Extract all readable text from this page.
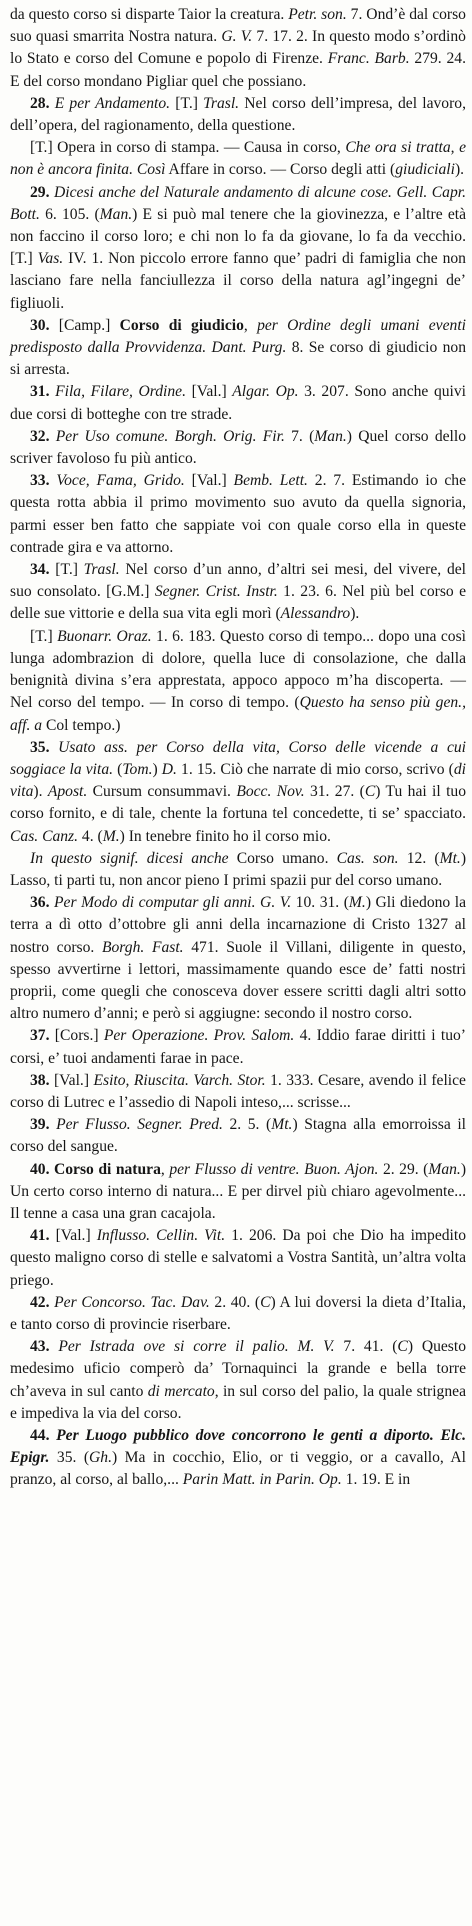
da questo corso si disparte Taior la creatura. Petr. son. 7. Ond’è dal corso suo quasi smarrita Nostra natura. G. V. 7. 17. 2. In questo modo s’ordinò lo Stato e corso del Comune e popolo di Firenze. Franc. Barb. 279. 24. E del corso mondano Pigliar quel che possiano.

28. E per Andamento. [T.] Trasl. Nel corso dell’impresa, del lavoro, dell’opera, del ragionamento, della questione.

[T.] Opera in corso di stampa. — Causa in corso, Che ora si tratta, e non è ancora finita. Così Affare in corso. — Corso degli atti (giudiciali).

29. Dicesi anche del Naturale andamento di alcune cose. Gell. Capr. Bott. 6. 105. (Man.) E si può mal tenere che la giovinezza, e l’altre età non faccino il corso loro; e chi non lo fa da giovane, lo fa da vecchio. [T.] Vas. IV. 1. Non piccolo errore fanno que’ padri di famiglia che non lasciano fare nella fanciullezza il corso della natura agl’ingegni de’ figliuoli.

30. [Camp.] Corso di giudicio, per Ordine degli umani eventi predisposto dalla Provvidenza. Dant. Purg. 8. Se corso di giudicio non si arresta.

31. Fila, Filare, Ordine. [Val.] Algar. Op. 3. 207. Sono anche quivi due corsi di botteghe con tre strade.

32. Per Uso comune. Borgh. Orig. Fir. 7. (Man.) Quel corso dello scriver favoloso fu più antico.

33. Voce, Fama, Grido. [Val.] Bemb. Lett. 2. 7. Estimando io che questa rotta abbia il primo movimento suo avuto da quella signoria, parmi esser ben fatto che sappiate voi con quale corso ella in queste contrade gira e va attorno.

34. [T.] Trasl. Nel corso d’un anno, d’altri sei mesi, del vivere, del suo consolato. [G.M.] Segner. Crist. Instr. 1. 23. 6. Nel più bel corso e delle sue vittorie e della sua vita egli morì (Alessandro).

[T.] Buonarr. Oraz. 1. 6. 183. Questo corso di tempo... dopo una così lunga adombrazion di dolore, quella luce di consolazione, che dalla benignità divina s’era apprestata, appoco appoco m’ha discoperta. — Nel corso del tempo. — In corso di tempo. (Questo ha senso più gen., aff. a Col tempo.)

35. Usato ass. per Corso della vita, Corso delle vicende a cui soggiace la vita. (Tom.) D. 1. 15. Ciò che narrate di mio corso, scrivo (di vita). Apost. Cursum consummavi. Bocc. Nov. 31. 27. (C) Tu hai il tuo corso fornito, e di tale, chente la fortuna tel concedette, ti se’ spacciato. Cas. Canz. 4. (M.) In tenebre finito ho il corso mio.

In questo signif. dicesi anche Corso umano. Cas. son. 12. (Mt.) Lasso, ti parti tu, non ancor pieno I primi spazii pur del corso umano.

36. Per Modo di computar gli anni. G. V. 10. 31. (M.) Gli diedono la terra a dì otto d’ottobre gli anni della incarnazione di Cristo 1327 al nostro corso. Borgh. Fast. 471. Suole il Villani, diligente in questo, spesso avvertirne i lettori, massimamente quando esce de’ fatti nostri proprii, come quegli che conosceva dover essere scritti dagli altri sotto altro numero d’anni; e però si aggiugne: secondo il nostro corso.

37. [Cors.] Per Operazione. Prov. Salom. 4. Iddio farae diritti i tuo’ corsi, e’ tuoi andamenti farae in pace.

38. [Val.] Esito, Riuscita. Varch. Stor. 1. 333. Cesare, avendo il felice corso di Lutrec e l’assedio di Napoli inteso,... scrisse...

39. Per Flusso. Segner. Pred. 2. 5. (Mt.) Stagna alla emorroissa il corso del sangue.

40. Corso di natura, per Flusso di ventre. Buon. Ajon. 2. 29. (Man.) Un certo corso interno di natura... E per dirvel più chiaro agevolmente... Il tenne a casa una gran cacajola.

41. [Val.] Influsso. Cellin. Vit. 1. 206. Da poi che Dio ha impedito questo maligno corso di stelle e salvatomi a Vostra Santità, un’altra volta priego.

42. Per Concorso. Tac. Dav. 2. 40. (C) A lui doversi la dieta d’Italia, e tanto corso di provincie riserbare.

43. Per Istrada ove si corre il palio. M. V. 7. 41. (C) Questo medesimo uficio comperò da’ Tornaquinci la grande e bella torre ch’aveva in sul canto di mercato, in sul corso del palio, la quale strignea e impediva la via del corso.

44. Per Luogo pubblico dove concorrono le genti a diporto. Elc. Epigr. 35. (Gh.) Ma in cocchio, Elio, or ti veggio, or a cavallo, Al pranzo, al corso, al ballo,... Parin Matt. in Parin. Op. 1. 19. E in
